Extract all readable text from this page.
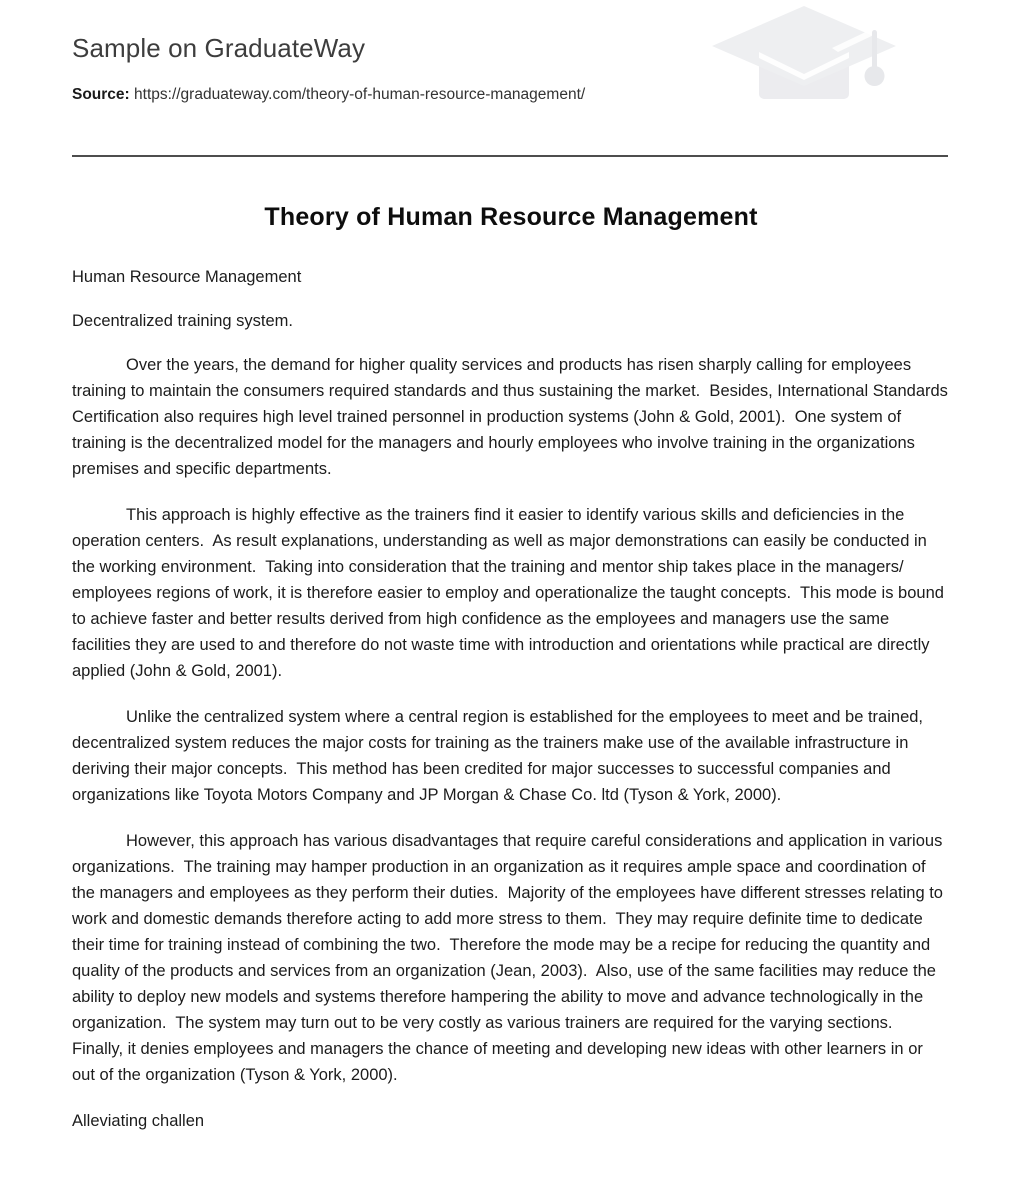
Sample on GraduateWay
Source: https://graduateway.com/theory-of-human-resource-management/
Theory of Human Resource Management

Human Resource Management

Decentralized training system.

Over the years, the demand for higher quality services and products has risen sharply calling for employees training to maintain the consumers required standards and thus sustaining the market.  Besides, International Standards Certification also requires high level trained personnel in production systems (John & Gold, 2001).  One system of training is the decentralized model for the managers and hourly employees who involve training in the organizations premises and specific departments.

This approach is highly effective as the trainers find it easier to identify various skills and deficiencies in the operation centers.  As result explanations, understanding as well as major demonstrations can easily be conducted in the working environment.  Taking into consideration that the training and mentor ship takes place in the managers/ employees regions of work, it is therefore easier to employ and operationalize the taught concepts.  This mode is bound to achieve faster and better results derived from high confidence as the employees and managers use the same facilities they are used to and therefore do not waste time with introduction and orientations while practical are directly applied (John & Gold, 2001).

Unlike the centralized system where a central region is established for the employees to meet and be trained, decentralized system reduces the major costs for training as the trainers make use of the available infrastructure in deriving their major concepts.  This method has been credited for major successes to successful companies and organizations like Toyota Motors Company and JP Morgan & Chase Co. ltd (Tyson & York, 2000).

However, this approach has various disadvantages that require careful considerations and application in various organizations.  The training may hamper production in an organization as it requires ample space and coordination of the managers and employees as they perform their duties.  Majority of the employees have different stresses relating to work and domestic demands therefore acting to add more stress to them.  They may require definite time to dedicate their time for training instead of combining the two.  Therefore the mode may be a recipe for reducing the quantity and quality of the products and services from an organization (Jean, 2003).  Also, use of the same facilities may reduce the ability to deploy new models and systems therefore hampering the ability to move and advance technologically in the organization.  The system may turn out to be very costly as various trainers are required for the varying sections.  Finally, it denies employees and managers the chance of meeting and developing new ideas with other learners in or out of the organization (Tyson & York, 2000).

Alleviating challen
